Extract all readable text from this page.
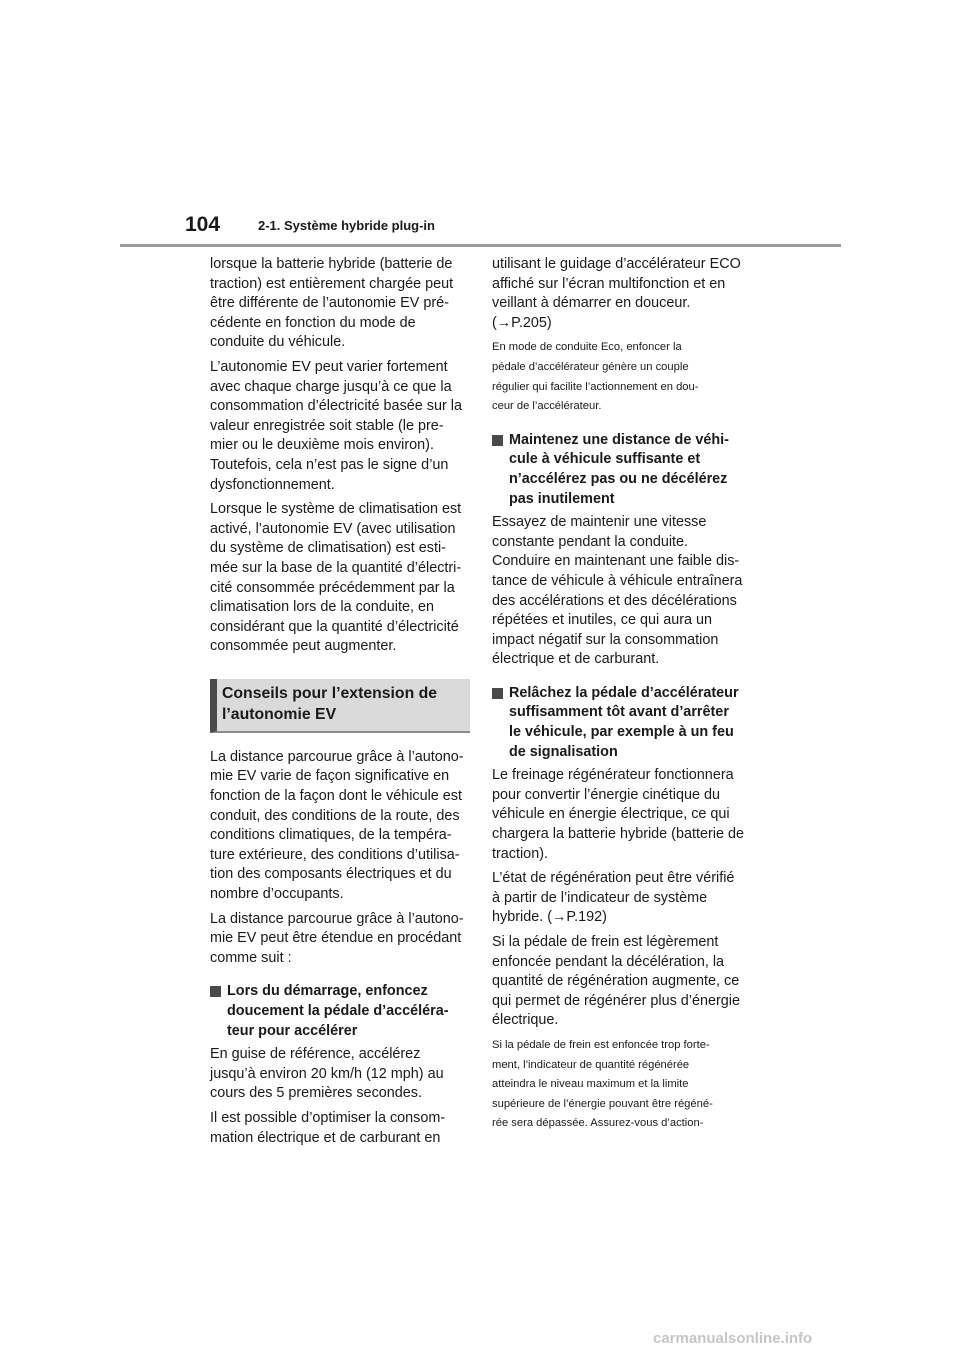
104	2-1. Système hybride plug-in
lorsque la batterie hybride (batterie de
traction) est entièrement chargée peut
être différente de l’autonomie EV pré-
cédente en fonction du mode de
conduite du véhicule.
L’autonomie EV peut varier fortement
avec chaque charge jusqu’à ce que la
consommation d’électricité basée sur la
valeur enregistrée soit stable (le pre-
mier ou le deuxième mois environ).
Toutefois, cela n’est pas le signe d’un
dysfonctionnement.
Lorsque le système de climatisation est
activé, l’autonomie EV (avec utilisation
du système de climatisation) est esti-
mée sur la base de la quantité d’électri-
cité consommée précédemment par la
climatisation lors de la conduite, en
considérant que la quantité d’électricité
consommée peut augmenter.
Conseils pour l’extension de
l’autonomie EV
La distance parcourue grâce à l’autono-
mie EV varie de façon significative en
fonction de la façon dont le véhicule est
conduit, des conditions de la route, des
conditions climatiques, de la tempéra-
ture extérieure, des conditions d’utilisa-
tion des composants électriques et du
nombre d’occupants.
La distance parcourue grâce à l’autono-
mie EV peut être étendue en procédant
comme suit :
Lors du démarrage, enfoncez
doucement la pédale d’accéléra-
teur pour accélérer
En guise de référence, accélérez
jusqu’à environ 20 km/h (12 mph) au
cours des 5 premières secondes.
Il est possible d’optimiser la consom-
mation électrique et de carburant en
utilisant le guidage d’accélérateur ECO
affiché sur l’écran multifonction et en
veillant à démarrer en douceur.
(→P.205)
En mode de conduite Eco, enfoncer la
pédale d’accélérateur génère un couple
régulier qui facilite l’actionnement en dou-
ceur de l’accélérateur.
Maintenez une distance de véhi-
cule à véhicule suffisante et
n’accélérez pas ou ne décélérez
pas inutilement
Essayez de maintenir une vitesse
constante pendant la conduite.
Conduire en maintenant une faible dis-
tance de véhicule à véhicule entraînera
des accélérations et des décélérations
répétées et inutiles, ce qui aura un
impact négatif sur la consommation
électrique et de carburant.
Relâchez la pédale d’accélérateur
suffisamment tôt avant d’arrêter
le véhicule, par exemple à un feu
de signalisation
Le freinage régénérateur fonctionnera
pour convertir l’énergie cinétique du
véhicule en énergie électrique, ce qui
chargera la batterie hybride (batterie de
traction).
L’état de régénération peut être vérifié
à partir de l’indicateur de système
hybride. (→P.192)
Si la pédale de frein est légèrement
enfoncée pendant la décélération, la
quantité de régénération augmente, ce
qui permet de régénérer plus d’énergie
électrique.
Si la pédale de frein est enfoncée trop forte-
ment, l’indicateur de quantité régénérée
atteindra le niveau maximum et la limite
supérieure de l’énergie pouvant être régéné-
rée sera dépassée. Assurez-vous d’action-
carmanualsonline.info
